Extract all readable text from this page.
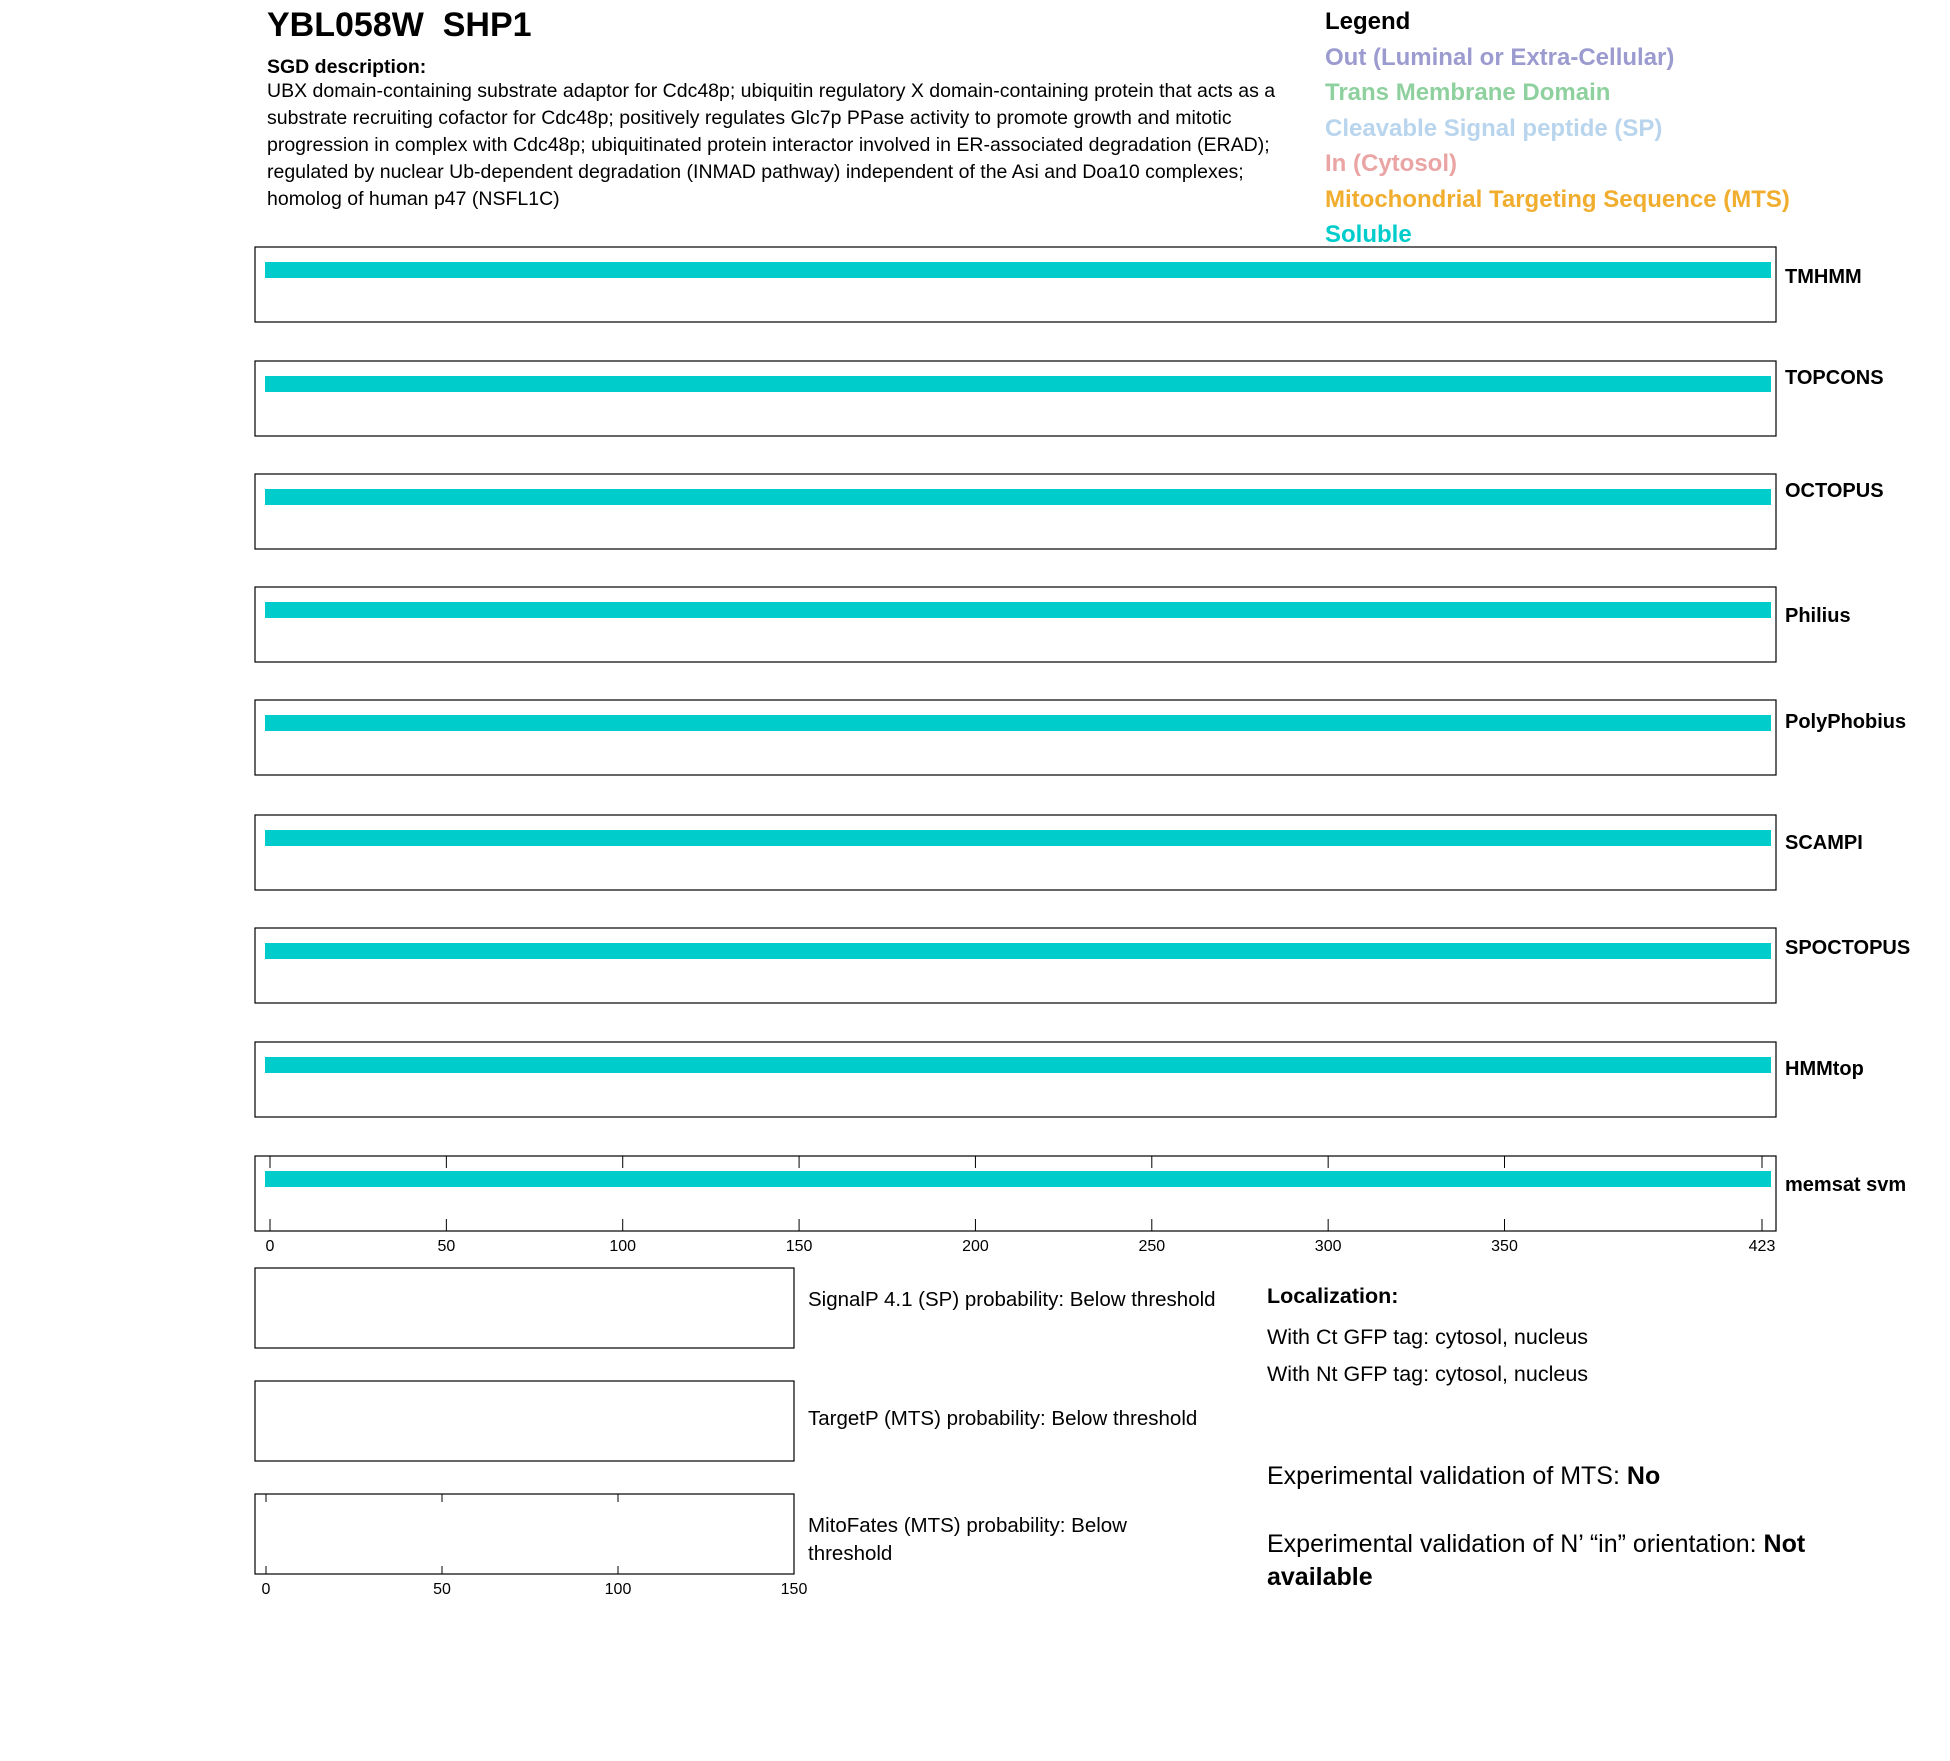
YBL058W SHP1
SGD description:
UBX domain-containing substrate adaptor for Cdc48p; ubiquitin regulatory X domain-containing protein that acts as a substrate recruiting cofactor for Cdc48p; positively regulates Glc7p PPase activity to promote growth and mitotic progression in complex with Cdc48p; ubiquitinated protein interactor involved in ER-associated degradation (ERAD); regulated by nuclear Ub-dependent degradation (INMAD pathway) independent of the Asi and Doa10 complexes; homolog of human p47 (NSFL1C)
Legend
Out (Luminal or Extra-Cellular)
Trans Membrane Domain
Cleavable Signal peptide (SP)
In (Cytosol)
Mitochondrial Targeting Sequence (MTS)
Soluble
TMHMM
TOPCONS
OCTOPUS
Philius
PolyPhobius
SCAMPI
SPOCTOPUS
HMMtop
memsat svm
0	50	100	150	200	250	300	350	423
0	50	100	150
SignalP 4.1 (SP) probability: Below threshold
TargetP (MTS) probability: Below threshold
MitoFates (MTS) probability: Below threshold
Localization:
With Ct GFP tag: cytosol, nucleus
With Nt GFP tag: cytosol, nucleus
Experimental validation of MTS: No
Experimental validation of N’ “in” orientation: Not available
